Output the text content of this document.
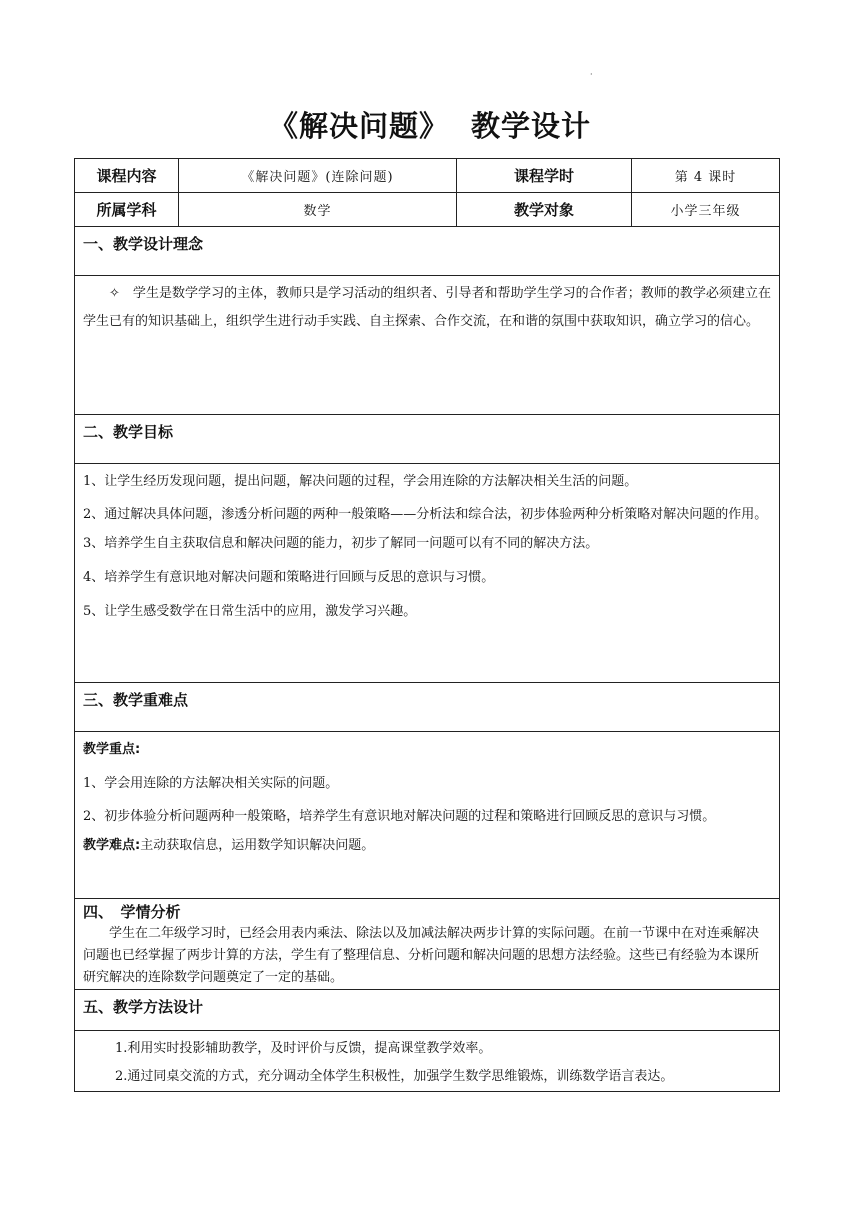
·
《解决问题》 教学设计
课程内容	《解决问题》(连除问题)	课程学时	第 4 课时
所属学科	数学	教学对象	小学三年级
一、教学设计理念			

✧　学生是数学学习的主体，教师只是学习活动的组织者、引导者和帮助学生学习的合作者；教师的教学必须建立在学生已有的知识基础上，组织学生进行动手实践、自主探索、合作交流，在和谐的氛围中获取知识，确立学习的信心。			

二、教学目标			

1、让学生经历发现问题，提出问题，解决问题的过程，学会用连除的方法解决相关生活的问题。
2、通过解决具体问题，渗透分析问题的两种一般策略——分析法和综合法，初步体验两种分析策略对解决问题的作用。
3、培养学生自主获取信息和解决问题的能力，初步了解同一问题可以有不同的解决方法。
4、培养学生有意识地对解决问题和策略进行回顾与反思的意识与习惯。
5、让学生感受数学在日常生活中的应用，激发学习兴趣。			

三、教学重难点			

教学重点:
1、学会用连除的方法解决相关实际的问题。
2、初步体验分析问题两种一般策略，培养学生有意识地对解决问题的过程和策略进行回顾反思的意识与习惯。
教学难点:主动获取信息，运用数学知识解决问题。			

四、　学情分析
学生在二年级学习时，已经会用表内乘法、除法以及加减法解决两步计算的实际问题。在前一节课中在对连乘解决问题也已经掌握了两步计算的方法，学生有了整理信息、分析问题和解决问题的思想方法经验。这些已有经验为本课所研究解决的连除数学问题奠定了一定的基础。			

五、教学方法设计			

1.利用实时投影辅助教学，及时评价与反馈，提高课堂教学效率。
2.通过同桌交流的方式，充分调动全体学生积极性，加强学生数学思维锻炼，训练数学语言表达。			
